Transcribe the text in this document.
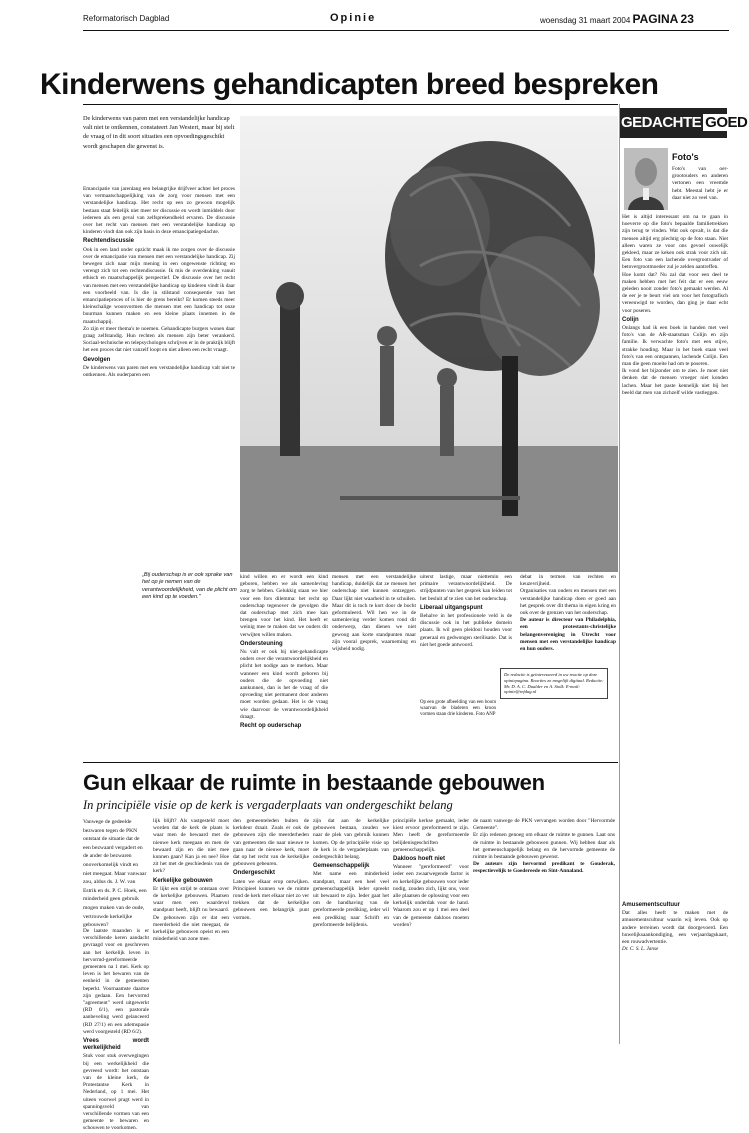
Reformatorisch Dagblad	Opinie	woensdag 31 maart 2004 PAGINA 23
Kinderwens gehandicapten breed bespreken
De kinderwens van paren met een verstandelijke handicap valt niet te ontkennen, constateert Jan Westert, maar bij stelt de vraag of in dit soort situaties een opvoedingsgeschikt wordt geschapen die gewenst is.

Emancipatie van jarenlang een belangrijke drijfveer achter het proces van vermaatschappelijking van de zorg voor mensen met een verstandelijke handicap. Het recht op een zo gewoon mogelijk bestaan staat feitelijk niet meer ter discussie en wordt inmiddels door iedereen als een geval van zelfsprekendheid ervaren. De discussie over het recht van mensen met een verstandelijke handicap op kinderen vindt dan ook zijn basis in deze emancipatiegedachte.

Rechtendiscussie

Ook in een land onder opzicht maak ik me zorgen over de discussie over de emancipatie van mensen met een verstandelijke handicap. Zij bewegen zich naar mijn mening in een ongewenste richting en verengt zich tot een rechtendiscussie. Ik mis de overdenking vanuit ethisch en maatschappelijk perspectief. De discussie over het recht van mensen met een verstandelijke handicap op kinderen vindt ik daar een voorbeeld van. Is die in stilstand consequentie van het emancipatieproces of is hier de grens bereikt? Er komen steeds meer kleinschalige woonvormen die mensen met een handicap tot onze buurman kunnen maken en een kleine plaats innemen in de maatschappij.

Zo zijn er meer thema's te noemen. Gehandicapte burgers wonen daar graag zelfstandig. Hun rechten als mensen zijn beter verankerd. Sociaal-technische en telepsychologen schrijven er in de praktijk blijft het een proces dat niet vanzelf loopt en niet alleen een recht vraagt.

Gevolgen

De kinderwens van paren met een verstandelijke handicap valt niet te ontkennen. Als ouderparen een

„Bij ouderschap is er ook sprake van het op je nemen van de verantwoordelijkheid, van de plicht om een kind op te voeden."

kind willen en er wordt een kind geboren, hebben we als samenleving zorg te hebben. Gelukkig staan we hier voor een fors dilemma: het recht op ouderschap tegenover de gevolgen die dat ouderschap met zich mee kan brengen voor het kind. Het heeft er weinig mee te maken dat we ouders dit verwijten willen maken.

Ondersteuning

Nu valt er ook bij niet-gehandicapte ouders over die verantwoordelijkheid en plicht het nodige aan te merken. Maar wanneer een kind wordt geboren bij ouders die de opvoeding niet aankunnen, dan is het de vraag of die opvoeding niet permanent door anderen moet worden gedaan. Het is de vraag wie daarvoor de verantwoordelijkheid draagt.

Recht op ouderschap

mensen met een verstandelijke handicap, duidelijk dat ze mensen het ouderschap niet kunnen ontzeggen. Daar lijkt niet waarheid in te schuilen. Maar dit is toch te kort door de bocht geformuleerd. Wil hen we in de samenleving verder komen rond dit onderwerp, dan dienen we niet gewoog aan korte standpunten maar zijn vooral gesprek, waarneming en wijsheid nodig.

uiterst lastige, maar niettemin een primaire verantwoordelijkheid. De strijdpunten van het gesprek kan leiden tot het besluit af te zien van het ouderschap.

Liberaal uitgangspunt

Behalve in het professionele veld is de discussie ook in het publieke domein plaats. Ik wil geen pleidooi houden voor generaal en gedwongen sterilisatie. Dat is niet het goede antwoord.

debat in termen van rechten en keuzevrijheid.

Organisaties van ouders en mensen met een verstandelijke handicap doen er goed aan het gesprek over dit thema in eigen kring en ook over de grenzen van het ouderschap.

De auteur is directeur van Philadelphia, een protestants-christelijke belangenvereniging in Utrecht voor mensen met een verstandelijke handicap en hun ouders.

De redactie is geïnteresseerd in uw reactie op deze opiniepagina. Reacties zo mogelijk digitaal. Redactie: Mr. D. A. C. Daalder en A. Stolk. E-mail: opinie@refdag.nl
Op een grote afbeelding van een boom waarvan de bladeren een kroon vormen staan drie kinderen. Foto ANP
GEDACHTE GOED
Foto's
Foto's van oer-grootouders en anderen vertonen een vreemde hebt. Meestal hebt je er daar niet zo veel van.

Het is altijd interessant om na te gaan in hoeverre op die foto's bepaalde familietrekken zijn terug te vinden. Wat ook opvalt, is dat die mensen altijd erg plechtig op de foto staan. Niet alleen waren ze voor ons gevoel ouwelijk gekleed, maar ze keken ook strak voor zich uit. Een foto van een lachende overgrootvader of betovergrootmoeder zul je zelden aantreffen.

Hoe komt dat? Nu zal dat voor een deel te maken hebben met het feit dat er een eeuw geleden nooit zonder foto's gemaakt werden. Al de eer je te beurt viel om voor het fotografisch vereeuwigd te worden, dan ging je daar echt voor poseren.

Colijn

Onlangs had ik een boek in handen met veel foto's van de AR-staatsman Colijn en zijn familie. Ik verwachte foto's met een stijve, strakke houding. Maar in het boek staan veel foto's van een ontspannen, lachende Colijn. Een man die geen moeite had om te poseren.

Ik vond het bijzonder om te zien. Je moet niet denken dat de mensen vroeger niet konden lachen. Maar het paste kennelijk niet bij het beeld dat men van zichzelf wilde vastleggen.

Amusementscultuur

Dat alles heeft te maken met de amusementscultuur waarin wij leven. Ook op andere terreinen wordt dat doorgevoerd. Een huwelijksaankondiging, een verjaardagskaart, een rouwadvertentie.

Dr. C. S. L. Janse

Gun elkaar de ruimte in bestaande gebouwen
In principiële visie op de kerk is vergaderplaats van ondergeschikt belang
Vanwege de gedeelde bezwaren tegen de PKN ontstaat de situatie dat de een bezwaard vergadert en de ander de bezwaren onoverkomelijk vindt en niet meegaat. Maar vanwaar zou, aldus ds. J. W. van Estrik en ds. P. C. Hoek, een minderheid geen gebruik mogen maken van de oude, vertrouwde kerkelijke gebouwen?

De laatste maanden is er verschillende keren aandacht gevraagd voor en geschreven aan het kerkelijk leven in hervormd-gereformeerde gemeenten na 1 mei. Kerk op leven is het bewaren van de eenheid in de gemeenten beperkt. Voornaamste daartoe zijn gedaan. Een hervormd "agreement" werd uitgewerkt (RD 6/1), een pastorale aanbeveling werd gelanceerd (RD 27/1) en een ademspasie werd voorgesteld (RD 6/2).

Vrees wordt werkelijkheid

Stuk voor stuk overwegingen bij een werkelijkheid die gevreesd wordt: het ontstaan van de kleine kerk, de Protestantse Kerk in Nederland, op 1 mei. Het uiteen voorwel pragt werd in spanningsveld van verschillende vormen van een gemeente te bewaren en schouwen te voorkomen.

lijk blijft? Als vastgesteld moet worden dat de kerk de plaats is waar men de bewaard met de nieuwe kerk meegaan en men de bewaard zijn en die niet mee kunnen gaan? Kan ja en nee? Hoe zit het met de geschiedenis van de kerk?

Kerkelijke gebouwen

Er lijkt een strijd te ontstaan over de kerkelijke gebouwen. Plaatsen waar men een waardevol standpunt heeft, blijft nu bewaard. De gebouwen zijn er dat een meerderheid die niet meegaat, de kerkelijke gebouwen opeist en een minderheid van zone mee.

den gemeenteleden buiten de kerkdeur draait. Zoals er ook de gebouwen zijn die meerderheden van gemeenten die naar nieuwe te gaan naar de nieuwe kerk, moet dat op het recht van de kerkelijke gebouwen gebeuren.

Ondergeschikt

Laten we elkaar erop ontwijken. Principieel kunnen we de ruimte rond de kerk met elkaar niet zo ver trekken dat de kerkelijke gebouwen een belangrijk punt vormen.

zijn dat aan de kerkelijke gebouwen bestaan, zouden we naar de plek van gebruik kunnen komen. Op de principiële visie op de kerk is de vergaderplaats van ondergeschikt belang.

Gemeenschappelijk

Met name een minderheid standpunt, maar een heel veel gemeenschappelijk leder spreekt uit bewaard te zijn. Ieder gaat het om de handhaving van de gereformeerde prediking, ieder wil een prediking naar Schrift en gereformeerde belijdenis.

principiële kerkse gemaakt, ieder kiest ervoor gereformeerd te zijn. Men heeft de gereformeerde belijdenisgeschriften gemeenschappelijk.

Dakloos hoeft niet

Wanneer "gereformeerd" voor ieder een zwaarwegende factor is en kerkelijke gebouwen voor ieder nodig, zouden zich, lijkt ons, voor alle plaatsen de oplossing voor een kerkelijk onderdak voor de hand. Waarom zou er op 1 mei een deel van de gemeente dakloos moeten worden?

de naam vanwege de PKN vervangen worden door "Hervormde Gemeente".

Er zijn redenen genoeg om elkaar de ruimte te gunnen. Laat ons de ruimte in bestaande gebouwen gunnen. Wij hebben daar als het gemeenschappelijk belang en de hervormde gemeente de ruimte in bestaande gebouwen gewenst.

De auteurs zijn hervormd predikant te Gouderak, respectievelijk te Goedereede en Sint-Annaland.
